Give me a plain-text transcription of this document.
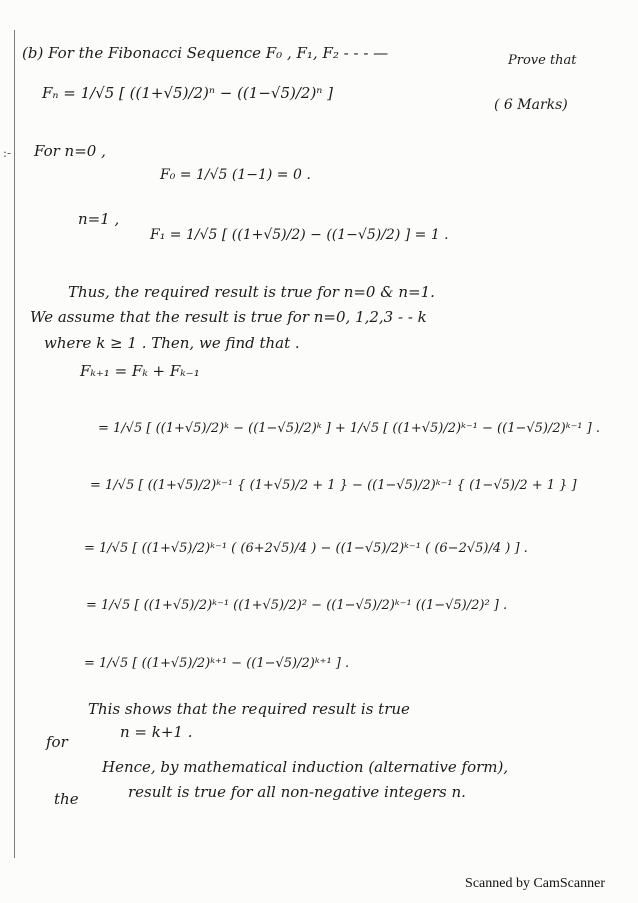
:-
(b) For the Fibonacci Sequence F₀ , F₁, F₂ - - - —	Prove that
Fₙ = 1/√5 [ ((1+√5)/2)ⁿ − ((1−√5)/2)ⁿ ]
( 6 Marks)
For n=0 ,
F₀ = 1/√5 (1−1) = 0 .
n=1 ,
F₁ = 1/√5 [ ((1+√5)/2) − ((1−√5)/2) ] = 1 .
Thus, the required result is true for n=0 & n=1.
We assume that the result is true for n=0, 1,2,3 - - k
where k ≥ 1 . Then, we find that .
Fₖ₊₁ = Fₖ + Fₖ₋₁
= 1/√5 [ ((1+√5)/2)ᵏ − ((1−√5)/2)ᵏ ] + 1/√5 [ ((1+√5)/2)ᵏ⁻¹ − ((1−√5)/2)ᵏ⁻¹ ] .
= 1/√5 [ ((1+√5)/2)ᵏ⁻¹ { (1+√5)/2 + 1 } − ((1−√5)/2)ᵏ⁻¹ { (1−√5)/2 + 1 } ]
= 1/√5 [ ((1+√5)/2)ᵏ⁻¹ ( (6+2√5)/4 ) − ((1−√5)/2)ᵏ⁻¹ ( (6−2√5)/4 ) ] .
= 1/√5 [ ((1+√5)/2)ᵏ⁻¹ ((1+√5)/2)² − ((1−√5)/2)ᵏ⁻¹ ((1−√5)/2)² ] .
= 1/√5 [ ((1+√5)/2)ᵏ⁺¹ − ((1−√5)/2)ᵏ⁺¹ ] .
This shows that the required result is true
for
n = k+1 .
Hence, by mathematical induction (alternative form),
the	result is true for all non-negative integers n.
Scanned by CamScanner
